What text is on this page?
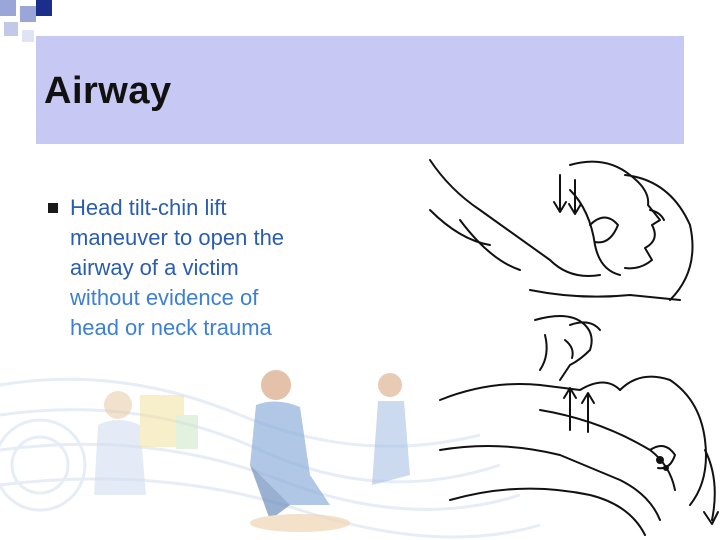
Airway

Head tilt-chin lift
maneuver to open the
airway of a victim
without evidence of
head or neck trauma
